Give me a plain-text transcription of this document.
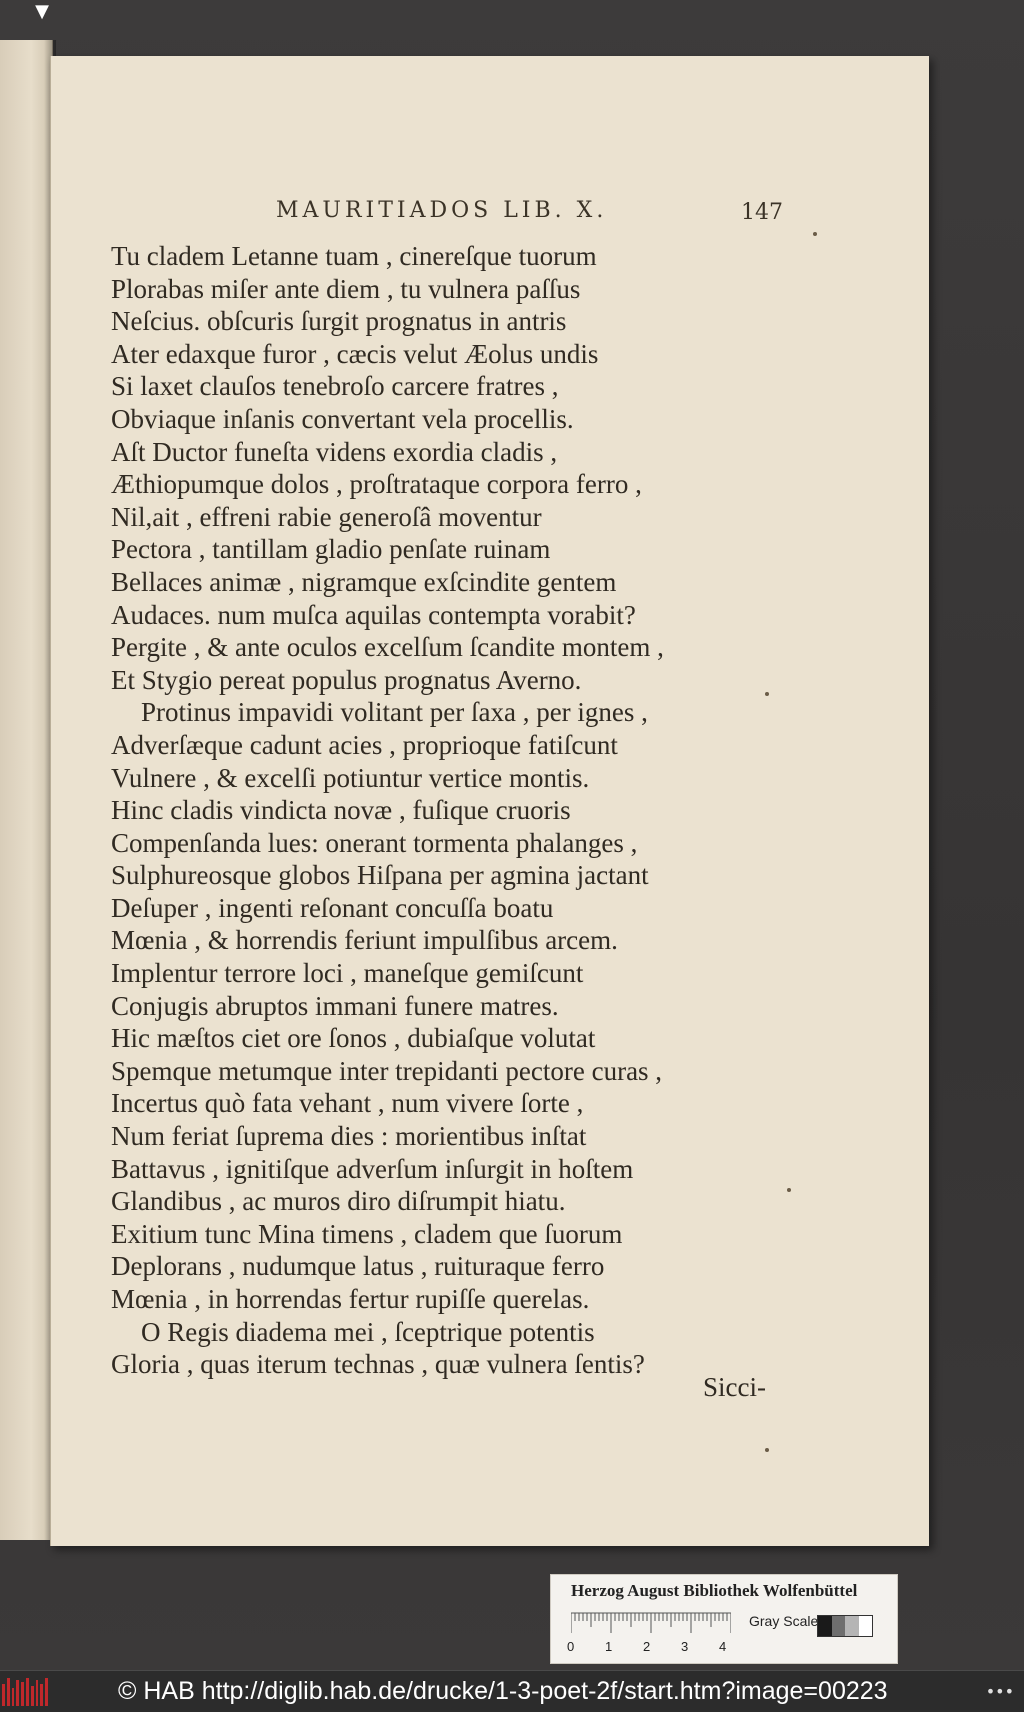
▼
MAURITIADOS LIB. X.	147
Tu cladem Letanne tuam , cinereſque tuorum
Plorabas miſer ante diem , tu vulnera paſſus
Neſcius. obſcuris ſurgit prognatus in antris
Ater edaxque furor , cæcis velut Æolus undis
Si laxet clauſos tenebroſo carcere fratres ,
Obviaque inſanis convertant vela procellis.
Aſt Ductor funeſta videns exordia cladis ,
Æthiopumque dolos , proſtrataque corpora ferro ,
Nil,ait , effreni rabie generoſâ moventur
Pectora , tantillam gladio penſate ruinam
Bellaces animæ , nigramque exſcindite gentem
Audaces. num muſca aquilas contempta vorabit?
Pergite , & ante oculos excelſum ſcandite montem ,
Et Stygio pereat populus prognatus Averno.
Protinus impavidi volitant per ſaxa , per ignes ,
Adverſæque cadunt acies , proprioque fatiſcunt
Vulnere , & excelſi potiuntur vertice montis.
Hinc cladis vindicta novæ , fuſique cruoris
Compenſanda lues: onerant tormenta phalanges ,
Sulphureosque globos Hiſpana per agmina jactant
Deſuper , ingenti reſonant concuſſa boatu
Mœnia , & horrendis feriunt impulſibus arcem.
Implentur terrore loci , maneſque gemiſcunt
Conjugis abruptos immani funere matres.
Hic mæſtos ciet ore ſonos , dubiaſque volutat
Spemque metumque inter trepidanti pectore curas ,
Incertus quò fata vehant , num vivere ſorte ,
Num feriat ſuprema dies : morientibus inſtat
Battavus , ignitiſque adverſum inſurgit in hoſtem
Glandibus , ac muros diro diſrumpit hiatu.
Exitium tunc Mina timens , cladem que ſuorum
Deplorans , nudumque latus , ruituraque ferro
Mœnia , in horrendas fertur rupiſſe querelas.
O Regis diadema mei , ſceptrique potentis
Gloria , quas iterum technas , quæ vulnera ſentis?
Sicci-
Herzog August Bibliothek Wolfenbüttel
0 1 2 3 4
Gray Scale
© HAB http://diglib.hab.de/drucke/1-3-poet-2f/start.htm?image=00223	•••
